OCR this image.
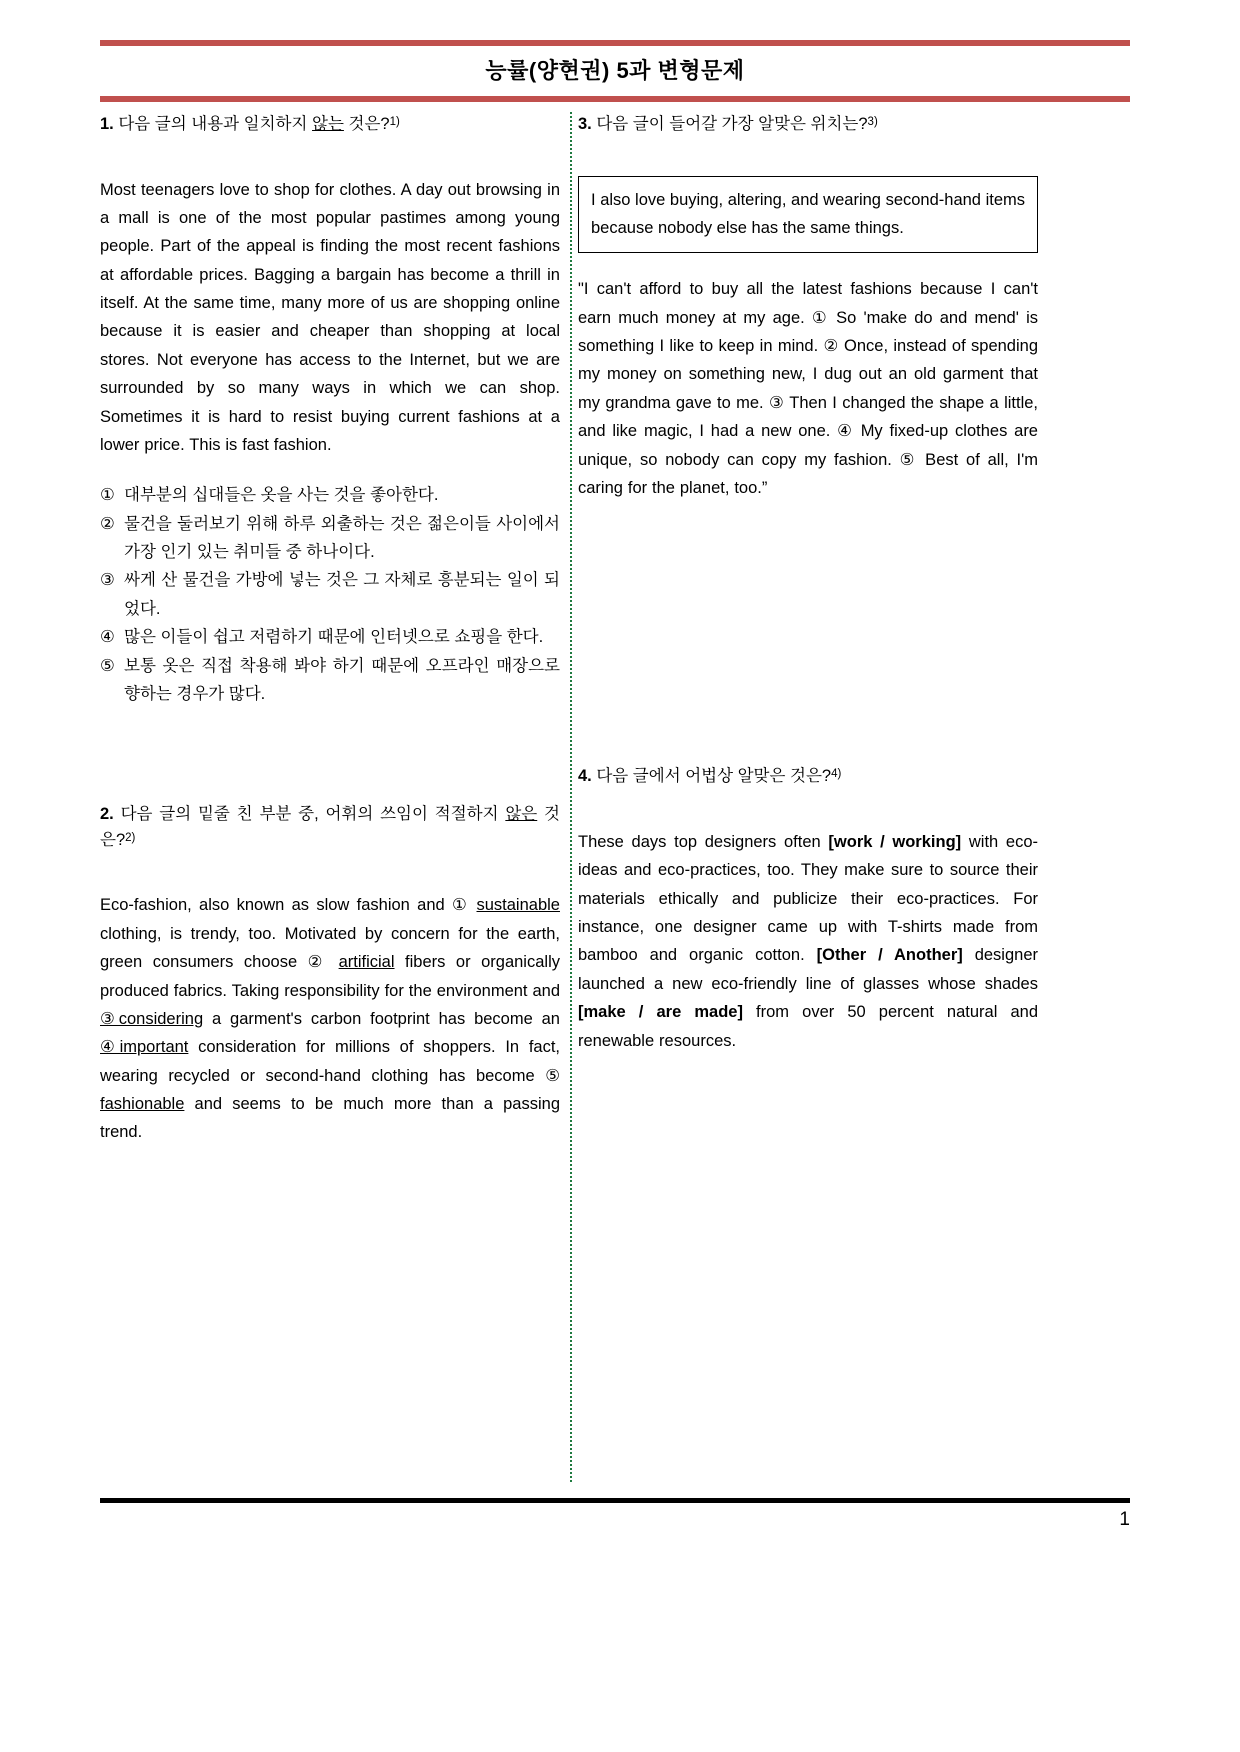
능률(양현권) 5과 변형문제

1. 다음 글의 내용과 일치하지 않는 것은?$^{1)}$

Most teenagers love to shop for clothes. A day out browsing in a mall is one of the most popular pastimes among young people. Part of the appeal is finding the most recent fashions at affordable prices. Bagging a bargain has become a thrill in itself. At the same time, many more of us are shopping online because it is easier and cheaper than shopping at local stores. Not everyone has access to the Internet, but we are surrounded by so many ways in which we can shop. Sometimes it is hard to resist buying current fashions at a lower price. This is fast fashion.

① 대부분의 십대들은 옷을 사는 것을 좋아한다.
② 물건을 둘러보기 위해 하루 외출하는 것은 젊은이들 사이에서 가장 인기 있는 취미들 중 하나이다.
③ 싸게 산 물건을 가방에 넣는 것은 그 자체로 흥분되는 일이 되었다.
④ 많은 이들이 쉽고 저렴하기 때문에 인터넷으로 쇼핑을 한다.
⑤ 보통 옷은 직접 착용해 봐야 하기 때문에 오프라인 매장으로 향하는 경우가 많다.

2. 다음 글의 밑줄 친 부분 중, 어휘의 쓰임이 적절하지 않은 것은?$^{2)}$

Eco-fashion, also known as slow fashion and ① sustainable clothing, is trendy, too. Motivated by concern for the earth, green consumers choose ② artificial fibers or organically produced fabrics. Taking responsibility for the environment and ③considering a garment's carbon footprint has become an ④important consideration for millions of shoppers. In fact, wearing recycled or second-hand clothing has become ⑤ fashionable and seems to be much more than a passing trend.

3. 다음 글이 들어갈 가장 알맞은 위치는?$^{3)}$

I also love buying, altering, and wearing second-hand items because nobody else has the same things.

"I can't afford to buy all the latest fashions because I can't earn much money at my age. ① So 'make do and mend' is something I like to keep in mind. ② Once, instead of spending my money on something new, I dug out an old garment that my grandma gave to me. ③ Then I changed the shape a little, and like magic, I had a new one. ④ My fixed-up clothes are unique, so nobody can copy my fashion. ⑤ Best of all, I'm caring for the planet, too.”

4. 다음 글에서 어법상 알맞은 것은?$^{4)}$

These days top designers often [work / working] with eco-ideas and eco-practices, too. They make sure to source their materials ethically and publicize their eco-practices. For instance, one designer came up with T-shirts made from bamboo and organic cotton. [Other / Another] designer launched a new eco-friendly line of glasses whose shades [make / are made] from over 50 percent natural and renewable resources.

1
